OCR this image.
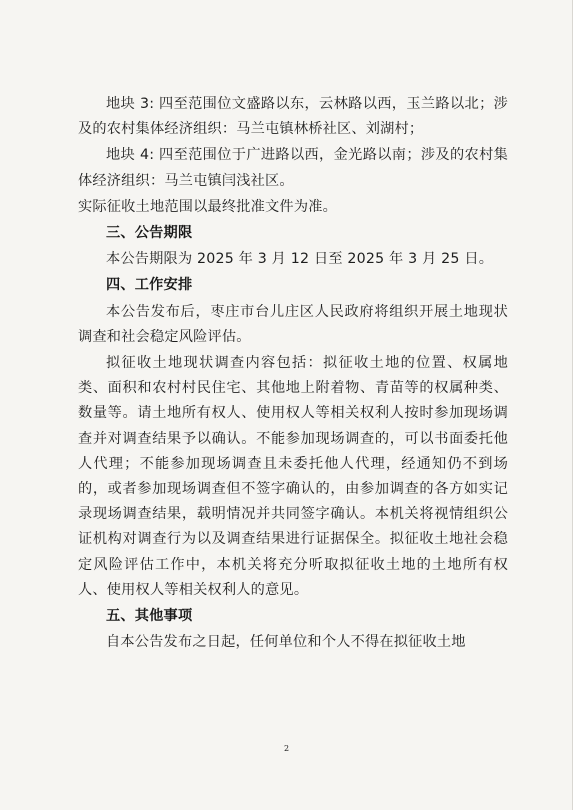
地块 3: 四至范围位文盛路以东，云林路以西，玉兰路以北；涉及的农村集体经济组织：马兰屯镇林桥社区、刘湖村；

地块 4: 四至范围位于广进路以西，金光路以南；涉及的农村集体经济组织：马兰屯镇闫浅社区。

实际征收土地范围以最终批准文件为准。

三、公告期限

本公告期限为 2025 年 3 月 12 日至 2025 年 3 月 25 日。

四、工作安排

本公告发布后，枣庄市台儿庄区人民政府将组织开展土地现状调查和社会稳定风险评估。

拟征收土地现状调查内容包括：拟征收土地的位置、权属地类、面积和农村村民住宅、其他地上附着物、青苗等的权属种类、数量等。请土地所有权人、使用权人等相关权利人按时参加现场调查并对调查结果予以确认。不能参加现场调查的，可以书面委托他人代理；不能参加现场调查且未委托他人代理，经通知仍不到场的，或者参加现场调查但不签字确认的，由参加调查的各方如实记录现场调查结果，载明情况并共同签字确认。本机关将视情组织公证机构对调查行为以及调查结果进行证据保全。拟征收土地社会稳定风险评估工作中，本机关将充分听取拟征收土地的土地所有权人、使用权人等相关权利人的意见。

五、其他事项

自本公告发布之日起，任何单位和个人不得在拟征收土地

2
